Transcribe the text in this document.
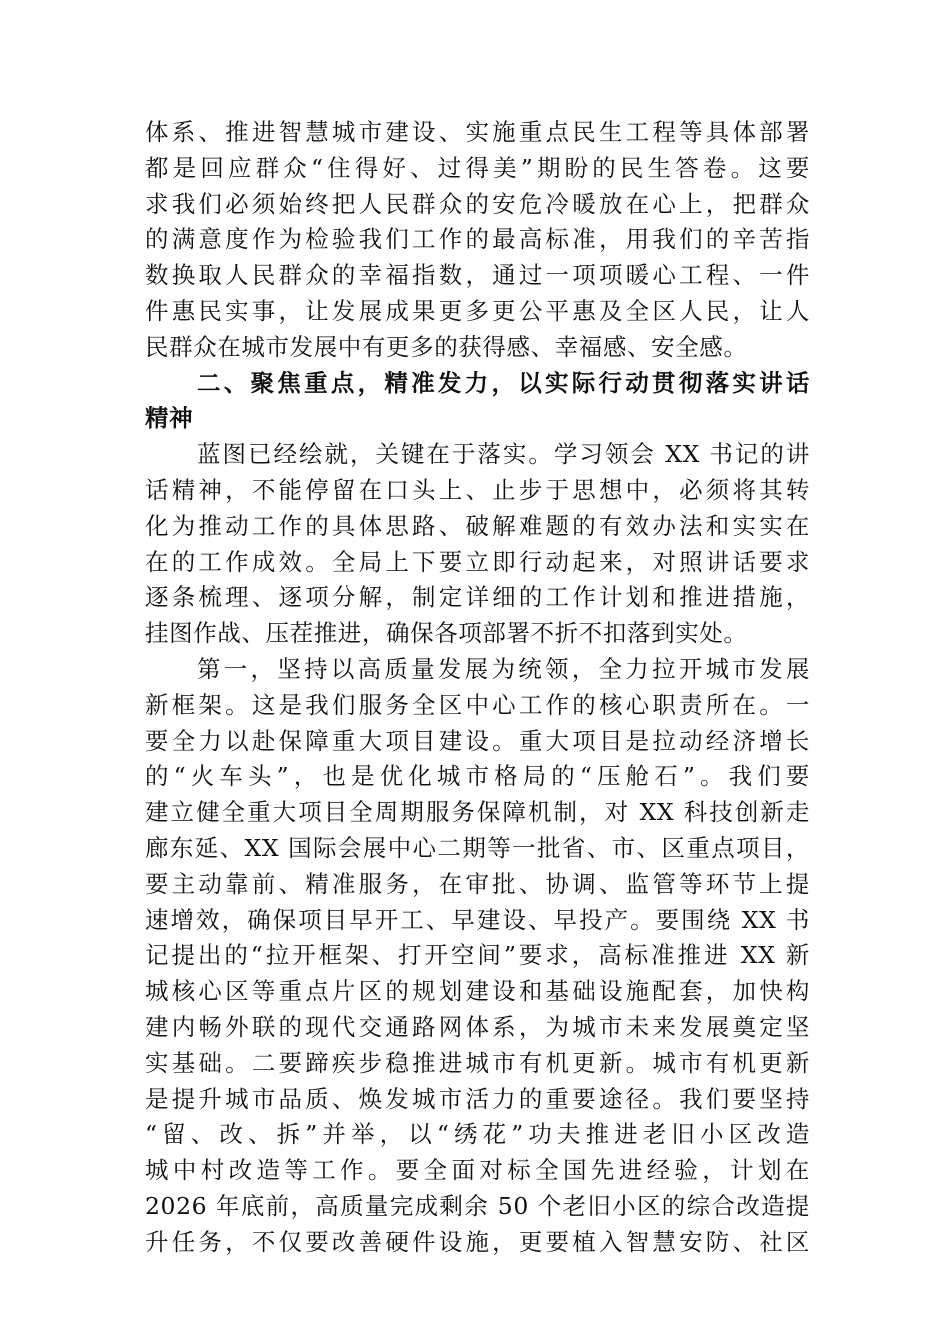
体系、推进智慧城市建设、实施重点民生工程等具体部署
都是回应群众“住得好、过得美”期盼的民生答卷。这要
求我们必须始终把人民群众的安危冷暖放在心上，把群众
的满意度作为检验我们工作的最高标准，用我们的辛苦指
数换取人民群众的幸福指数，通过一项项暖心工程、一件
件惠民实事，让发展成果更多更公平惠及全区人民，让人
民群众在城市发展中有更多的获得感、幸福感、安全感。
二、聚焦重点，精准发力，以实际行动贯彻落实讲话
精神
蓝图已经绘就，关键在于落实。学习领会 XX 书记的讲
话精神，不能停留在口头上、止步于思想中，必须将其转
化为推动工作的具体思路、破解难题的有效办法和实实在
在的工作成效。全局上下要立即行动起来，对照讲话要求
逐条梳理、逐项分解，制定详细的工作计划和推进措施，
挂图作战、压茬推进，确保各项部署不折不扣落到实处。
第一，坚持以高质量发展为统领，全力拉开城市发展
新框架。这是我们服务全区中心工作的核心职责所在。一
要全力以赴保障重大项目建设。重大项目是拉动经济增长
的“火车头”，也是优化城市格局的“压舱石”。我们要
建立健全重大项目全周期服务保障机制，对 XX 科技创新走
廊东延、XX 国际会展中心二期等一批省、市、区重点项目，
要主动靠前、精准服务，在审批、协调、监管等环节上提
速增效，确保项目早开工、早建设、早投产。要围绕 XX 书
记提出的“拉开框架、打开空间”要求，高标准推进 XX 新
城核心区等重点片区的规划建设和基础设施配套，加快构
建内畅外联的现代交通路网体系，为城市未来发展奠定坚
实基础。二要蹄疾步稳推进城市有机更新。城市有机更新
是提升城市品质、焕发城市活力的重要途径。我们要坚持
“留、改、拆”并举，以“绣花”功夫推进老旧小区改造
城中村改造等工作。要全面对标全国先进经验，计划在
2026 年底前，高质量完成剩余 50 个老旧小区的综合改造提
升任务，不仅要改善硬件设施，更要植入智慧安防、社区
